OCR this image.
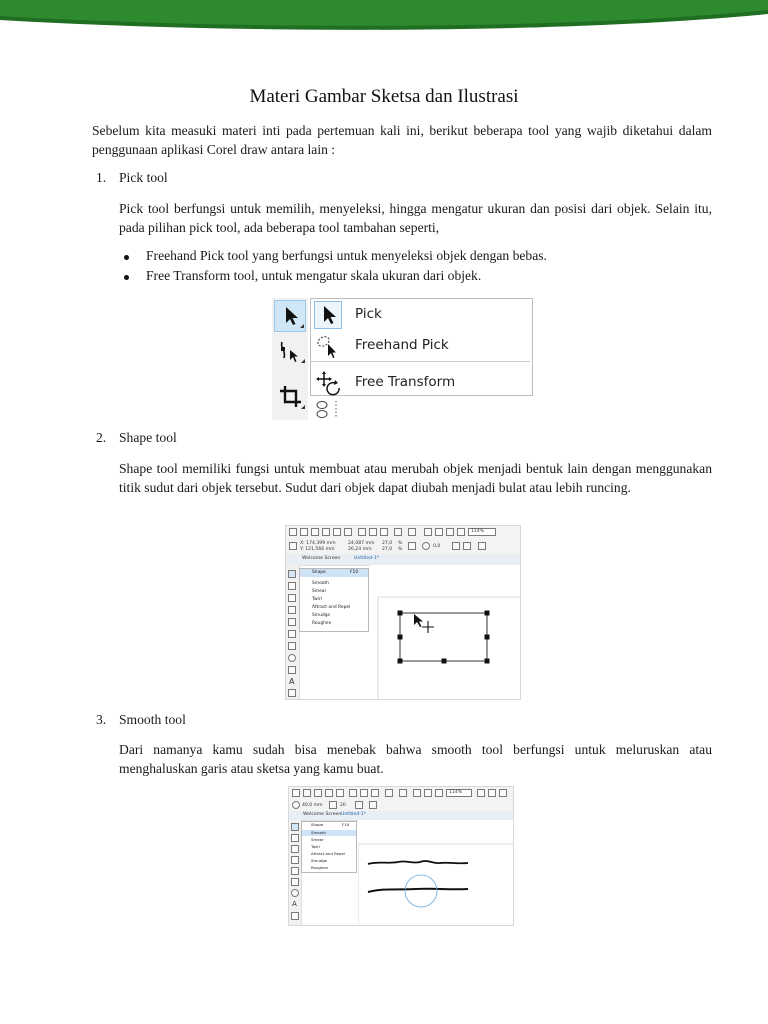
Materi Gambar Sketsa dan Ilustrasi
Sebelum kita measuki materi inti pada pertemuan kali ini, berikut beberapa tool yang wajib diketahui dalam penggunaan aplikasi Corel draw antara lain :
1. Pick tool
Pick tool berfungsi untuk memilih, menyeleksi, hingga mengatur ukuran dan posisi dari objek. Selain itu, pada pilihan pick tool, ada beberapa tool tambahan seperti,
Freehand Pick tool yang berfungsi untuk menyeleksi objek dengan bebas.
Free Transform tool, untuk mengatur skala ukuran dari objek.
Pick
Freehand Pick
Free Transform
2. Shape tool
Shape tool memiliki fungsi untuk membuat atau merubah objek menjadi bentuk lain dengan menggunakan titik sudut dari objek tersebut. Sudut dari objek dapat diubah menjadi bulat atau lebih runcing.
114%
X: 174,399 mm
Y: 121,566 mm
24,087 mm
26,24 mm
27,0
27,0
%
%
0,0
Welcome Screen	Untitled-1*
A
Shape	F10
Smooth
Smear
Twirl
Attract and Repel
Smudge
Roughen
3. Smooth tool
Dari namanya kamu sudah bisa menebak bahwa smooth tool berfungsi untuk meluruskan atau menghaluskan garis atau sketsa yang kamu buat.
114%
40,0 mm	20
Welcome Screen Untitled-1*
A
Shape	F10
Smooth
Smear
Twirl
Attract and Repel
Smudge
Roughen
